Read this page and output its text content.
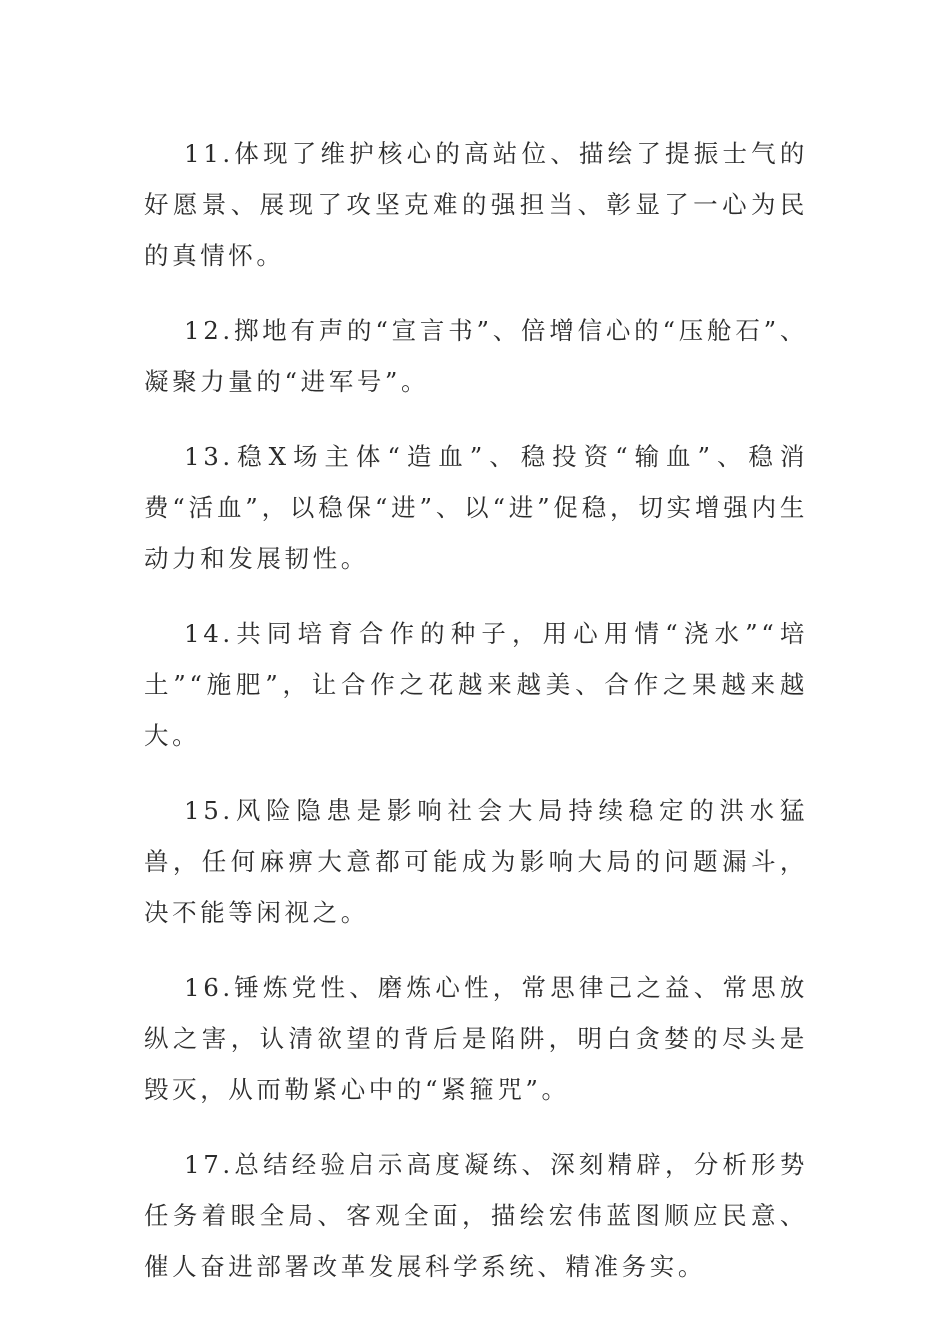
11.体现了维护核心的高站位、描绘了提振士气的好愿景、展现了攻坚克难的强担当、彰显了一心为民的真情怀。

12.掷地有声的“宣言书”、倍增信心的“压舱石”、凝聚力量的“进军号”。

13.稳X场主体“造血”、稳投资“输血”、稳消费“活血”，以稳保“进”、以“进”促稳，切实增强内生动力和发展韧性。

14.共同培育合作的种子，用心用情“浇水”“培土”“施肥”，让合作之花越来越美、合作之果越来越大。

15.风险隐患是影响社会大局持续稳定的洪水猛兽，任何麻痹大意都可能成为影响大局的问题漏斗，决不能等闲视之。

16.锤炼党性、磨炼心性，常思律己之益、常思放纵之害，认清欲望的背后是陷阱，明白贪婪的尽头是毁灭，从而勒紧心中的“紧箍咒”。

17.总结经验启示高度凝练、深刻精辟，分析形势任务着眼全局、客观全面，描绘宏伟蓝图顺应民意、催人奋进部署改革发展科学系统、精准务实。
